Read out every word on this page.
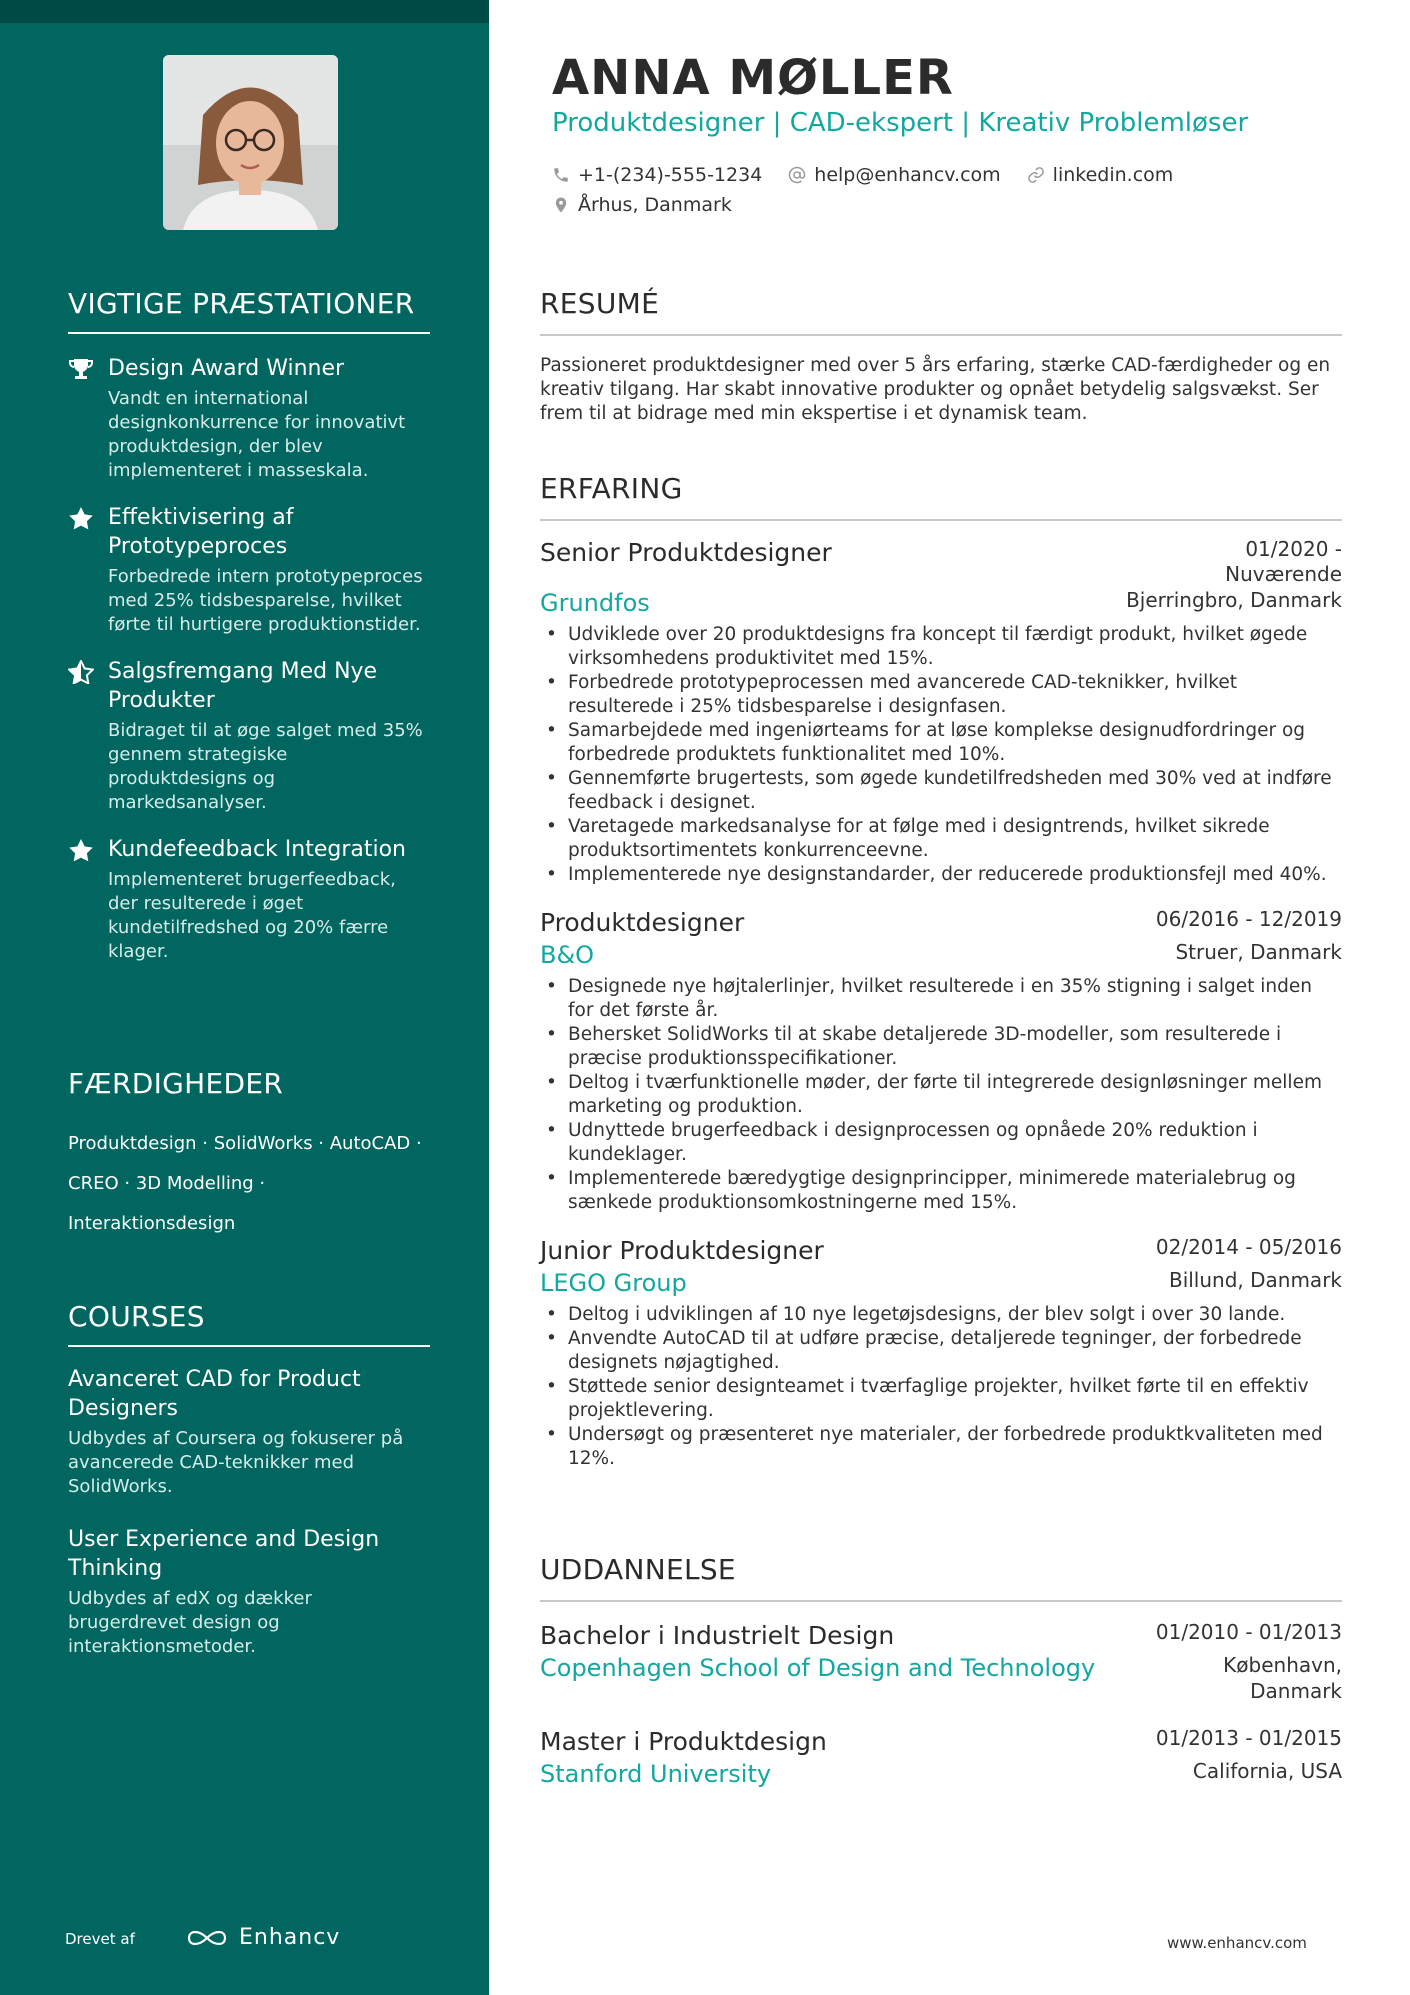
VIGTIGE PRÆSTATIONER
Design Award Winner
Vandt en international designkonkurrence for innovativt produktdesign, der blev implementeret i masseskala.
Effektivisering af Prototypeproces
Forbedrede intern prototypeproces med 25% tidsbesparelse, hvilket førte til hurtigere produktionstider.
Salgsfremgang Med Nye Produkter
Bidraget til at øge salget med 35% gennem strategiske produktdesigns og markedsanalyser.
Kundefeedback Integration
Implementeret brugerfeedback, der resulterede i øget kundetilfredshed og 20% færre klager.
FÆRDIGHEDER
Produktdesign · SolidWorks · AutoCAD ·
CREO · 3D Modelling ·
Interaktionsdesign
COURSES
Avanceret CAD for Product Designers
Udbydes af Coursera og fokuserer på avancerede CAD-teknikker med SolidWorks.
User Experience and Design Thinking
Udbydes af edX og dækker brugerdrevet design og interaktionsmetoder.
Drevet af	Enhancv
ANNA MØLLER
Produktdesigner | CAD-ekspert | Kreativ Problemløser
+1-(234)-555-1234	help@enhancv.com	linkedin.com
Århus, Danmark
RESUMÉ
Passioneret produktdesigner med over 5 års erfaring, stærke CAD-færdigheder og en kreativ tilgang. Har skabt innovative produkter og opnået betydelig salgsvækst. Ser frem til at bidrage med min ekspertise i et dynamisk team.
ERFARING
Senior Produktdesigner	01/2020 - Nuværende
Grundfos	Bjerringbro, Danmark
• Udviklede over 20 produktdesigns fra koncept til færdigt produkt, hvilket øgede virksomhedens produktivitet med 15%.
• Forbedrede prototypeprocessen med avancerede CAD-teknikker, hvilket resulterede i 25% tidsbesparelse i designfasen.
• Samarbejdede med ingeniørteams for at løse komplekse designudfordringer og forbedrede produktets funktionalitet med 10%.
• Gennemførte brugertests, som øgede kundetilfredsheden med 30% ved at indføre feedback i designet.
• Varetagede markedsanalyse for at følge med i designtrends, hvilket sikrede produktsortimentets konkurrenceevne.
• Implementerede nye designstandarder, der reducerede produktionsfejl med 40%.
Produktdesigner	06/2016 - 12/2019
B&O	Struer, Danmark
• Designede nye højtalerlinjer, hvilket resulterede i en 35% stigning i salget inden for det første år.
• Behersket SolidWorks til at skabe detaljerede 3D-modeller, som resulterede i præcise produktionsspecifikationer.
• Deltog i tværfunktionelle møder, der førte til integrerede designløsninger mellem marketing og produktion.
• Udnyttede brugerfeedback i designprocessen og opnåede 20% reduktion i kundeklager.
• Implementerede bæredygtige designprincipper, minimerede materialebrug og sænkede produktionsomkostningerne med 15%.
Junior Produktdesigner	02/2014 - 05/2016
LEGO Group	Billund, Danmark
• Deltog i udviklingen af 10 nye legetøjsdesigns, der blev solgt i over 30 lande.
• Anvendte AutoCAD til at udføre præcise, detaljerede tegninger, der forbedrede designets nøjagtighed.
• Støttede senior designteamet i tværfaglige projekter, hvilket førte til en effektiv projektlevering.
• Undersøgt og præsenteret nye materialer, der forbedrede produktkvaliteten med 12%.
UDDANNELSE
Bachelor i Industrielt Design	01/2010 - 01/2013
Copenhagen School of Design and Technology	København, Danmark
Master i Produktdesign	01/2013 - 01/2015
Stanford University	California, USA
www.enhancv.com
